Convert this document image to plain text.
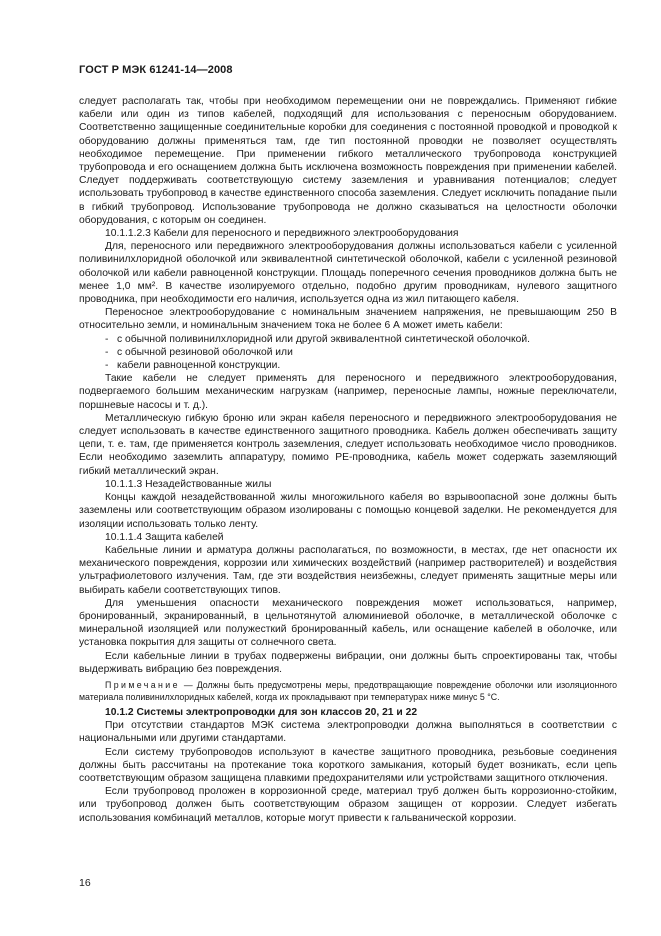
ГОСТ Р МЭК 61241-14—2008

следует располагать так, чтобы при необходимом перемещении они не повреждались. Применяют гибкие кабели или один из типов кабелей, подходящий для использования с переносным оборудованием. Соответственно защищенные соединительные коробки для соединения с постоянной проводкой и проводкой к оборудованию должны применяться там, где тип постоянной проводки не позволяет осуществлять необходимое перемещение. При применении гибкого металлического трубопровода конструкцией трубопровода и его оснащением должна быть исключена возможность повреждения при применении кабелей. Следует поддерживать соответствующую систему заземления и уравнивания потенциалов; следует использовать трубопровод в качестве единственного способа заземления. Следует исключить попадание пыли в гибкий трубопровод. Использование трубопровода не должно сказываться на целостности оболочки оборудования, с которым он соединен.

10.1.1.2.3 Кабели для переносного и передвижного электрооборудования

Для, переносного или передвижного электрооборудования должны использоваться кабели с усиленной поливинилхлоридной оболочкой или эквивалентной синтетической оболочкой, кабели с усиленной резиновой оболочкой или кабели равноценной конструкции. Площадь поперечного сечения проводников должна быть не менее 1,0 мм². В качестве изолируемого отдельно, подобно другим проводникам, нулевого защитного проводника, при необходимости его наличия, используется одна из жил питающего кабеля.

Переносное электрооборудование с номинальным значением напряжения, не превышающим 250 В относительно земли, и номинальным значением тока не более 6 А может иметь кабели:

- с обычной поливинилхлоридной или другой эквивалентной синтетической оболочкой.
- с обычной резиновой оболочкой или
- кабели равноценной конструкции.

Такие кабели не следует применять для переносного и передвижного электрооборудования, подвергаемого большим механическим нагрузкам (например, переносные лампы, ножные переключатели, поршневые насосы и т. д.).

Металлическую гибкую броню или экран кабеля переносного и передвижного электрооборудования не следует использовать в качестве единственного защитного проводника. Кабель должен обеспечивать защиту цепи, т. е. там, где применяется контроль заземления, следует использовать необходимое число проводников. Если необходимо заземлить аппаратуру, помимо РЕ-проводника, кабель может содержать заземляющий гибкий металлический экран.

10.1.1.3 Незадействованные жилы

Концы каждой незадействованной жилы многожильного кабеля во взрывоопасной зоне должны быть заземлены или соответствующим образом изолированы с помощью концевой заделки. Не рекомендуется для изоляции использовать только ленту.

10.1.1.4 Защита кабелей

Кабельные линии и арматура должны располагаться, по возможности, в местах, где нет опасности их механического повреждения, коррозии или химических воздействий (например растворителей) и воздействия ультрафиолетового излучения. Там, где эти воздействия неизбежны, следует применять защитные меры или выбирать кабели соответствующих типов.

Для уменьшения опасности механического повреждения может использоваться, например, бронированный, экранированный, в цельнотянутой алюминиевой оболочке, в металлической оболочке с минеральной изоляцией или полужесткий бронированный кабель, или оснащение кабелей в оболочке, или установка покрытия для защиты от солнечного света.

Если кабельные линии в трубах подвержены вибрации, они должны быть спроектированы так, чтобы выдерживать вибрацию без повреждения.

Примечание — Должны быть предусмотрены меры, предотвращающие повреждение оболочки или изоляционного материала поливинилхлоридных кабелей, когда их прокладывают при температурах ниже минус 5 °С.

10.1.2 Системы электропроводки для зон классов 20, 21 и 22

При отсутствии стандартов МЭК система электропроводки должна выполняться в соответствии с национальными или другими стандартами.

Если систему трубопроводов используют в качестве защитного проводника, резьбовые соединения должны быть рассчитаны на протекание тока короткого замыкания, который будет возникать, если цепь соответствующим образом защищена плавкими предохранителями или устройствами защитного отключения.

Если трубопровод проложен в коррозионной среде, материал труб должен быть коррозионно-стойким, или трубопровод должен быть соответствующим образом защищен от коррозии. Следует избегать использования комбинаций металлов, которые могут привести к гальванической коррозии.

16
